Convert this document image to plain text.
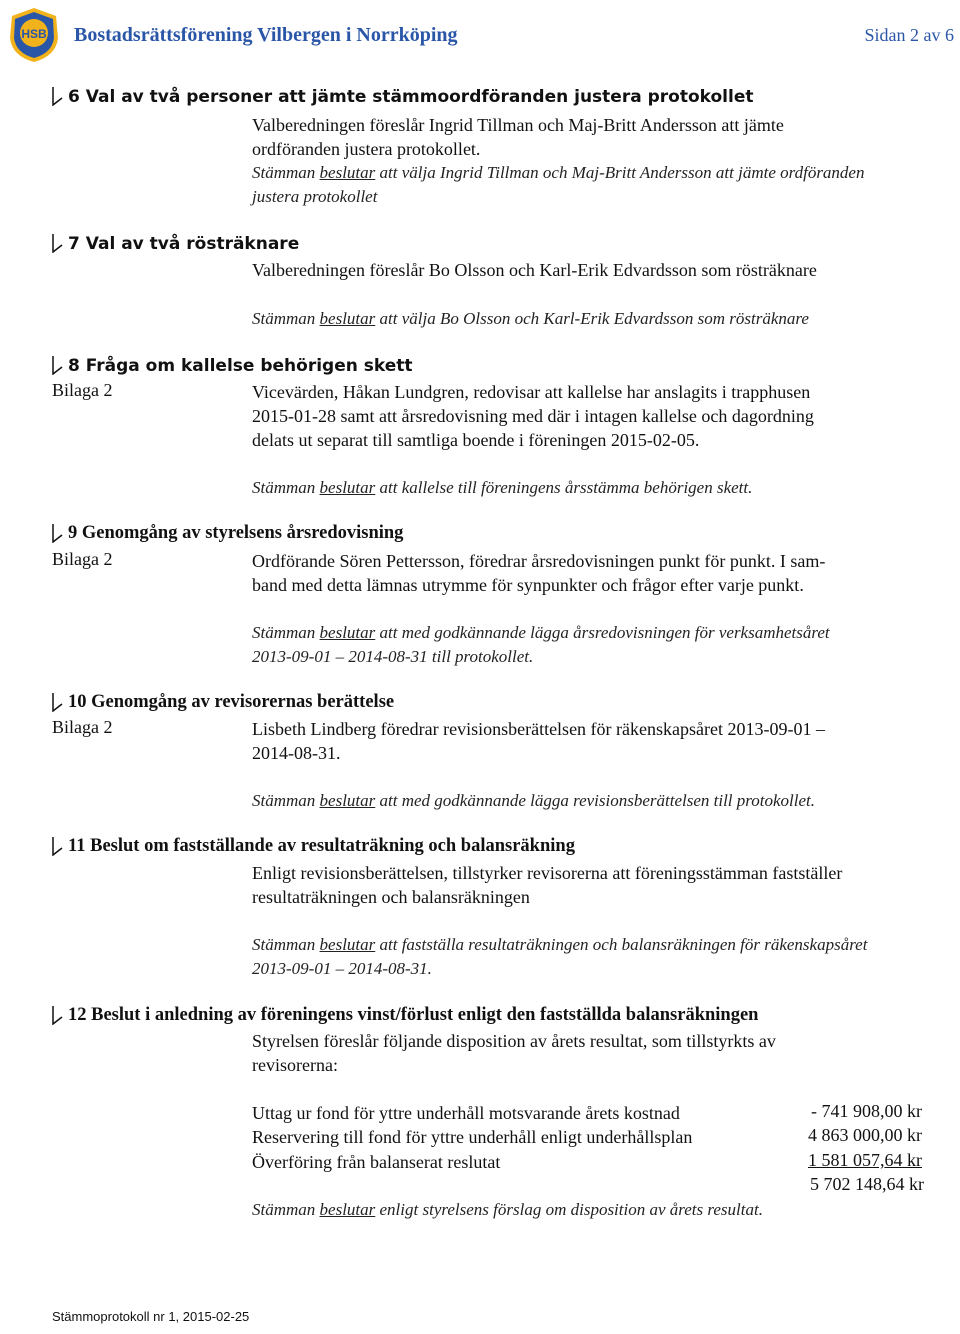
HSB Bostadsrättsförening Vilbergen i Norrköping	Sidan 2 av 6
6 Val av två personer att jämte stämmoordföranden justera protokollet
Valberedningen föreslår Ingrid Tillman och Maj-Britt Andersson att jämte
ordföranden justera protokollet.
Stämman beslutar att välja Ingrid Tillman och Maj-Britt Andersson att jämte ordföranden
justera protokollet
7 Val av två rösträknare
Valberedningen föreslår Bo Olsson och Karl-Erik Edvardsson som rösträknare
Stämman beslutar att välja Bo Olsson och Karl-Erik Edvardsson som rösträknare
8 Fråga om kallelse behörigen skett
Bilaga 2	Vicevärden, Håkan Lundgren, redovisar att kallelse har anslagits i trapphusen
2015-01-28 samt att årsredovisning med där i intagen kallelse och dagordning
delats ut separat till samtliga boende i föreningen 2015-02-05.
Stämman beslutar att kallelse till föreningens årsstämma behörigen skett.
9 Genomgång av styrelsens årsredovisning
Bilaga 2	Ordförande Sören Pettersson, föredrar årsredovisningen punkt för punkt. I sam-
band med detta lämnas utrymme för synpunkter och frågor efter varje punkt.
Stämman beslutar att med godkännande lägga årsredovisningen för verksamhetsåret
2013-09-01 – 2014-08-31 till protokollet.
10 Genomgång av revisorernas berättelse
Bilaga 2	Lisbeth Lindberg föredrar revisionsberättelsen för räkenskapsåret 2013-09-01 –
2014-08-31.
Stämman beslutar att med godkännande lägga revisionsberättelsen till protokollet.
11 Beslut om fastställande av resultaträkning och balansräkning
Enligt revisionsberättelsen, tillstyrker revisorerna att föreningsstämman fastställer
resultaträkningen och balansräkningen
Stämman beslutar att fastställa resultaträkningen och balansräkningen för räkenskapsåret
2013-09-01 – 2014-08-31.
12 Beslut i anledning av föreningens vinst/förlust enligt den fastställda balansräkningen
Styrelsen föreslår följande disposition av årets resultat, som tillstyrkts av
revisorerna:
Uttag ur fond för yttre underhåll motsvarande årets kostnad	- 741 908,00 kr
Reservering till fond för yttre underhåll enligt underhållsplan	4 863 000,00 kr
Överföring från balanserat reslutat	1 581 057,64 kr
5 702 148,64 kr
Stämman beslutar enligt styrelsens förslag om disposition av årets resultat.
Stämmoprotokoll nr 1, 2015-02-25
